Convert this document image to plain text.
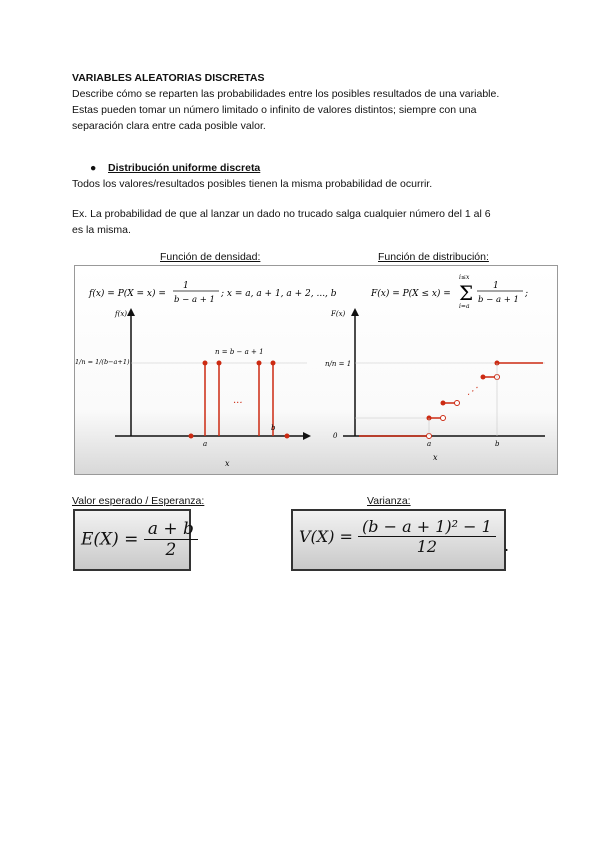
VARIABLES ALEATORIAS DISCRETAS
Describe cómo se reparten las probabilidades entre los posibles resultados de una variable.
Estas pueden tomar un número limitado o infinito de valores distintos; siempre con una
separación clara entre cada posible valor.
● Distribución uniforme discreta
Todos los valores/resultados posibles tienen la misma probabilidad de ocurrir.
Ex. La probabilidad de que al lanzar un dado no trucado salga cualquier número del 1 al 6
es la misma.
Función de densidad:	Función de distribución:
f(x) = P(X = x) =
1
b − a + 1
; x = a, a + 1, a + 2, ..., b	F(x) = P(X ≤ x) = Σ
i≤x
i=a
1
b − a + 1
;
f(x)
1/n = 1/(b−a+1)
n = b − a + 1
···
a
b
x
F(x)
n/n = 1
0
⋰
a	b
x
Valor esperado / Esperanza:	Varianza:
$E(X) = \frac{a + b}{2}$	$V(X) = \frac{\text{(b − a + 1)² − 1}}{12}$ .
